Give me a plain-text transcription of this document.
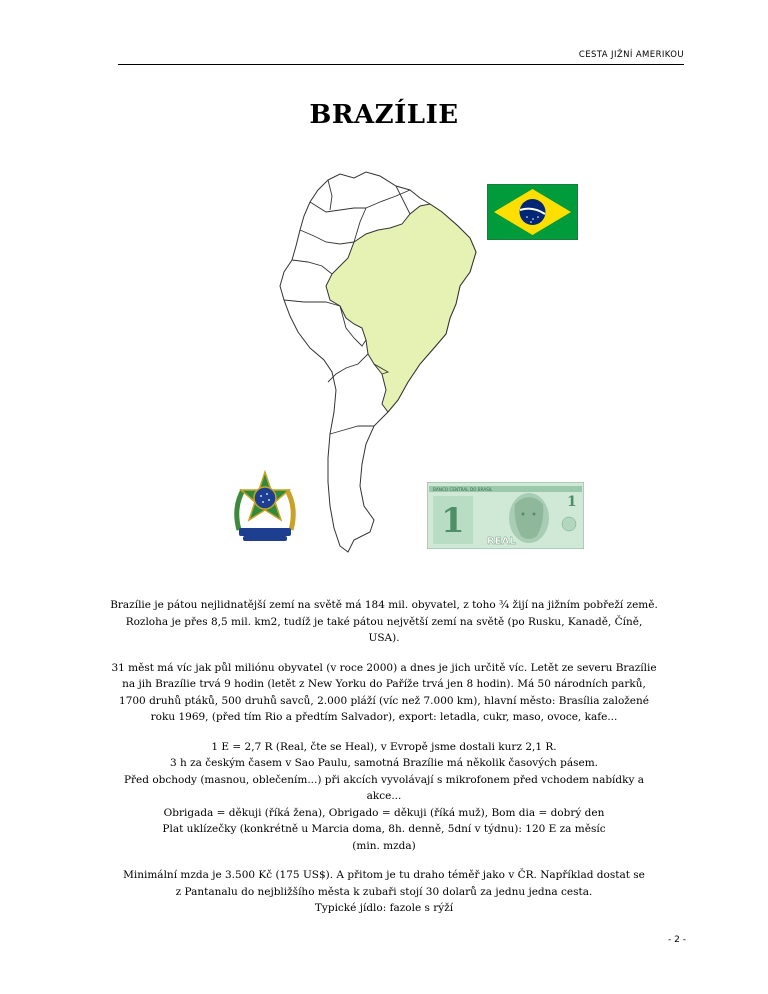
CESTA JIŽNÍ AMERIKOU
BRAZÍLIE
BANCO CENTRAL DO BRASIL
1
REAL
1

Brazílie je pátou nejlidnatější zemí na světě má 184 mil. obyvatel, z toho ¾ žijí na jižním pobřeží země.
Rozloha je přes 8,5 mil. km2, tudíž je také pátou největší zemí na světě (po Rusku, Kanadě, Číně, USA).

31 měst má víc jak půl miliónu obyvatel (v roce 2000) a dnes je jich určitě víc. Letět ze severu Brazílie
na jih Brazílie trvá 9 hodin (letět z New Yorku do Paříže trvá jen 8 hodin). Má 50 národních parků,
1700 druhů ptáků, 500 druhů savců, 2.000 pláží (víc než 7.000 km), hlavní město: Brasília založené
roku 1969, (před tím Rio a předtím Salvador), export: letadla, cukr, maso, ovoce, kafe...

1 E = 2,7 R (Real, čte se Heal), v Evropě jsme dostali kurz 2,1 R.
3 h za českým časem v Sao Paulu, samotná Brazílie má několik časových pásem.
Před obchody (masnou, oblečením...) při akcích vyvolávají s mikrofonem před vchodem nabídky a
akce...
Obrigada = děkuji (říká žena), Obrigado = děkuji (říká muž), Bom dia = dobrý den
Plat uklízečky (konkrétně u Marcia doma, 8h. denně, 5dní v týdnu): 120 E za měsíc
(min. mzda)

Minimální mzda je 3.500 Kč (175 US$). A přitom je tu draho téměř jako v ČR. Například dostat se
z Pantanalu do nejbližšího města k zubaři stojí 30 dolarů za jednu jedna cesta.
Typické jídlo: fazole s rýží

- 2 -
